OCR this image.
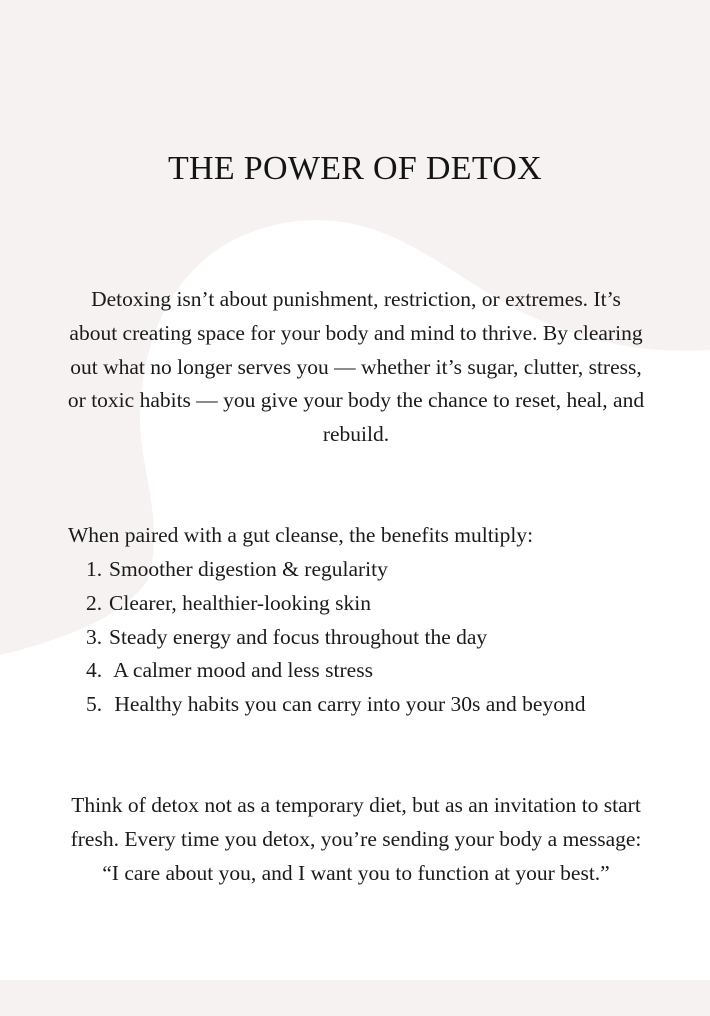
THE POWER OF DETOX

Detoxing isn’t about punishment, restriction, or extremes. It’s about creating space for your body and mind to thrive. By clearing out what no longer serves you — whether it’s sugar, clutter, stress, or toxic habits — you give your body the chance to reset, heal, and rebuild.

When paired with a gut cleanse, the benefits multiply:

1. Smoother digestion & regularity
2. Clearer, healthier-looking skin
3. Steady energy and focus throughout the day
4. A calmer mood and less stress
5. Healthy habits you can carry into your 30s and beyond

Think of detox not as a temporary diet, but as an invitation to start fresh. Every time you detox, you’re sending your body a message: “I care about you, and I want you to function at your best.”
